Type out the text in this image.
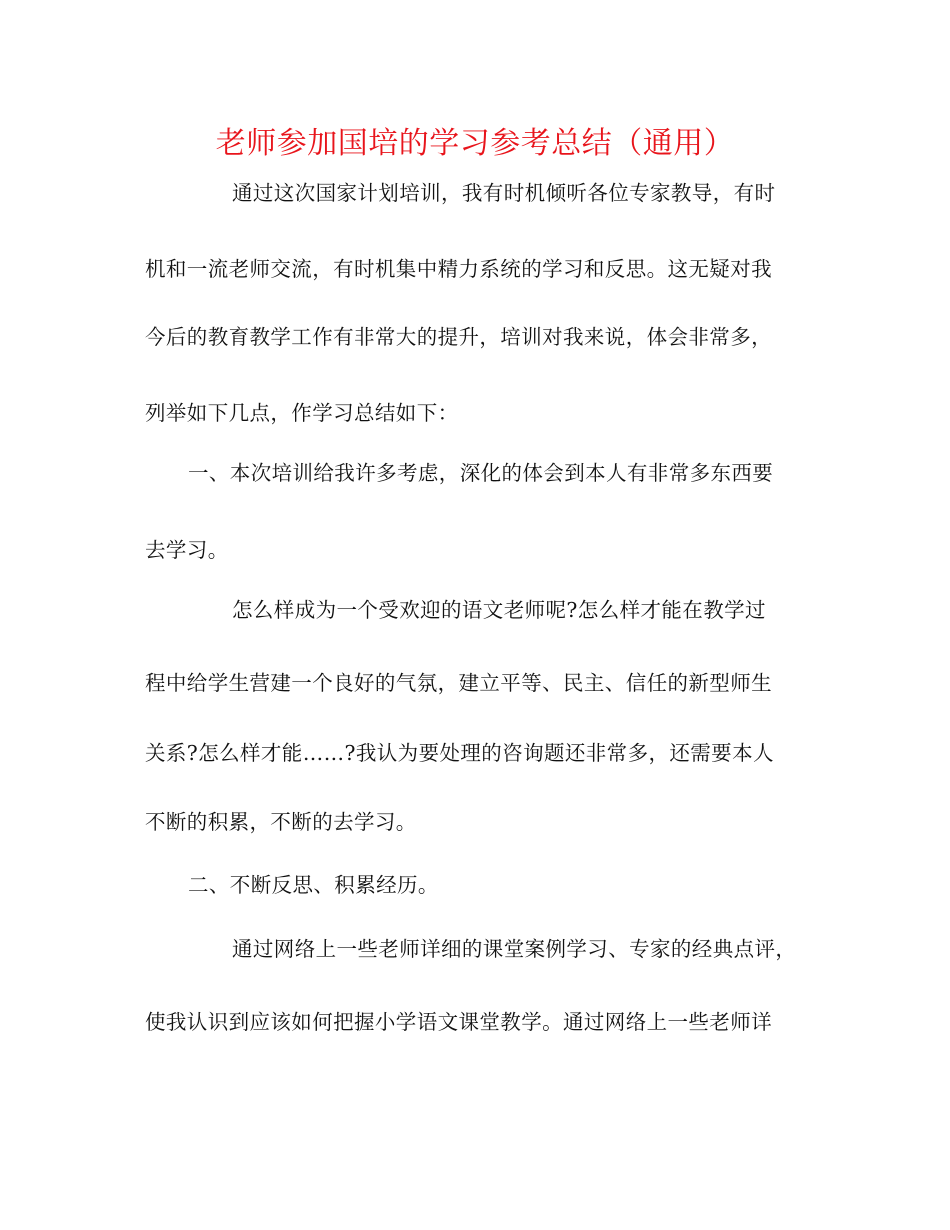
老师参加国培的学习参考总结（通用）
通过这次国家计划培训，我有时机倾听各位专家教导，有时
机和一流老师交流，有时机集中精力系统的学习和反思。这无疑对我
今后的教育教学工作有非常大的提升，培训对我来说，体会非常多，
列举如下几点，作学习总结如下：
一、本次培训给我许多考虑，深化的体会到本人有非常多东西要
去学习。
怎么样成为一个受欢迎的语文老师呢?怎么样才能在教学过
程中给学生营建一个良好的气氛，建立平等、民主、信任的新型师生
关系?怎么样才能……?我认为要处理的咨询题还非常多，还需要本人
不断的积累，不断的去学习。
二、不断反思、积累经历。
通过网络上一些老师详细的课堂案例学习、专家的经典点评，
使我认识到应该如何把握小学语文课堂教学。通过网络上一些老师详
